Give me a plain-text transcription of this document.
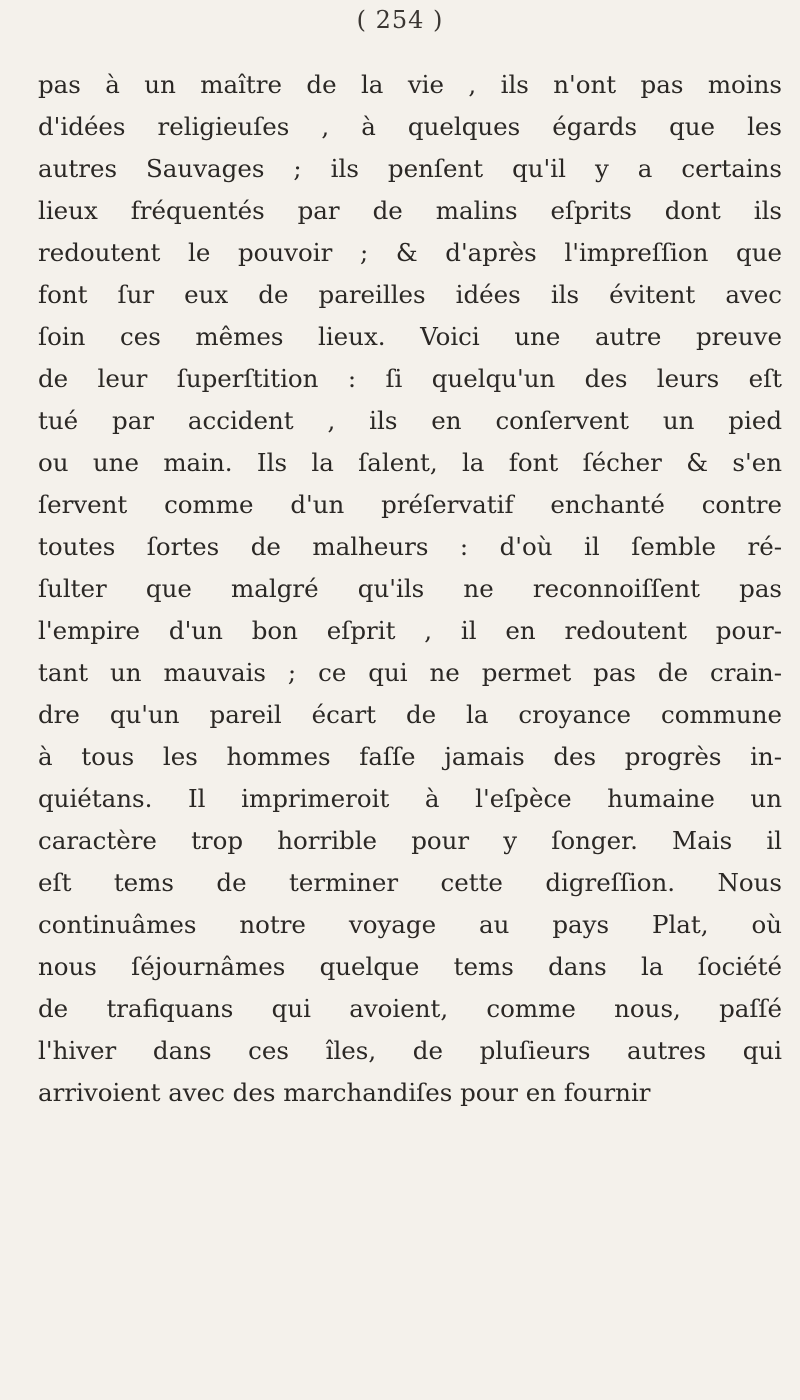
( 254 )
pas à un maître de la vie , ils n'ont pas moins
d'idées religieuſes , à quelques égards que les
autres Sauvages ; ils penſent qu'il y a certains
lieux fréquentés par de malins eſprits dont ils
redoutent le pouvoir ; & d'après l'impreſſion que
font ſur eux de pareilles idées ils évitent avec
ſoin ces mêmes lieux. Voici une autre preuve
de leur ſuperſtition : ſi quelqu'un des leurs eſt
tué par accident , ils en conſervent un pied
ou une main. Ils la ſalent, la font ſécher & s'en
ſervent comme d'un préſervatif enchanté contre
toutes ſortes de malheurs : d'où il ſemble ré-
ſulter que malgré qu'ils ne reconnoiſſent pas
l'empire d'un bon eſprit , il en redoutent pour-
tant un mauvais ; ce qui ne permet pas de crain-
dre qu'un pareil écart de la croyance commune
à tous les hommes faſſe jamais des progrès in-
quiétans. Il imprimeroit à l'eſpèce humaine un
caractère trop horrible pour y ſonger. Mais il
eſt tems de terminer cette digreſſion. Nous
continuâmes notre voyage au pays Plat, où
nous ſéjournâmes quelque tems dans la ſociété
de trafiquans qui avoient, comme nous, paſſé
l'hiver dans ces îles, de pluſieurs autres qui
arrivoient avec des marchandiſes pour en fournir
